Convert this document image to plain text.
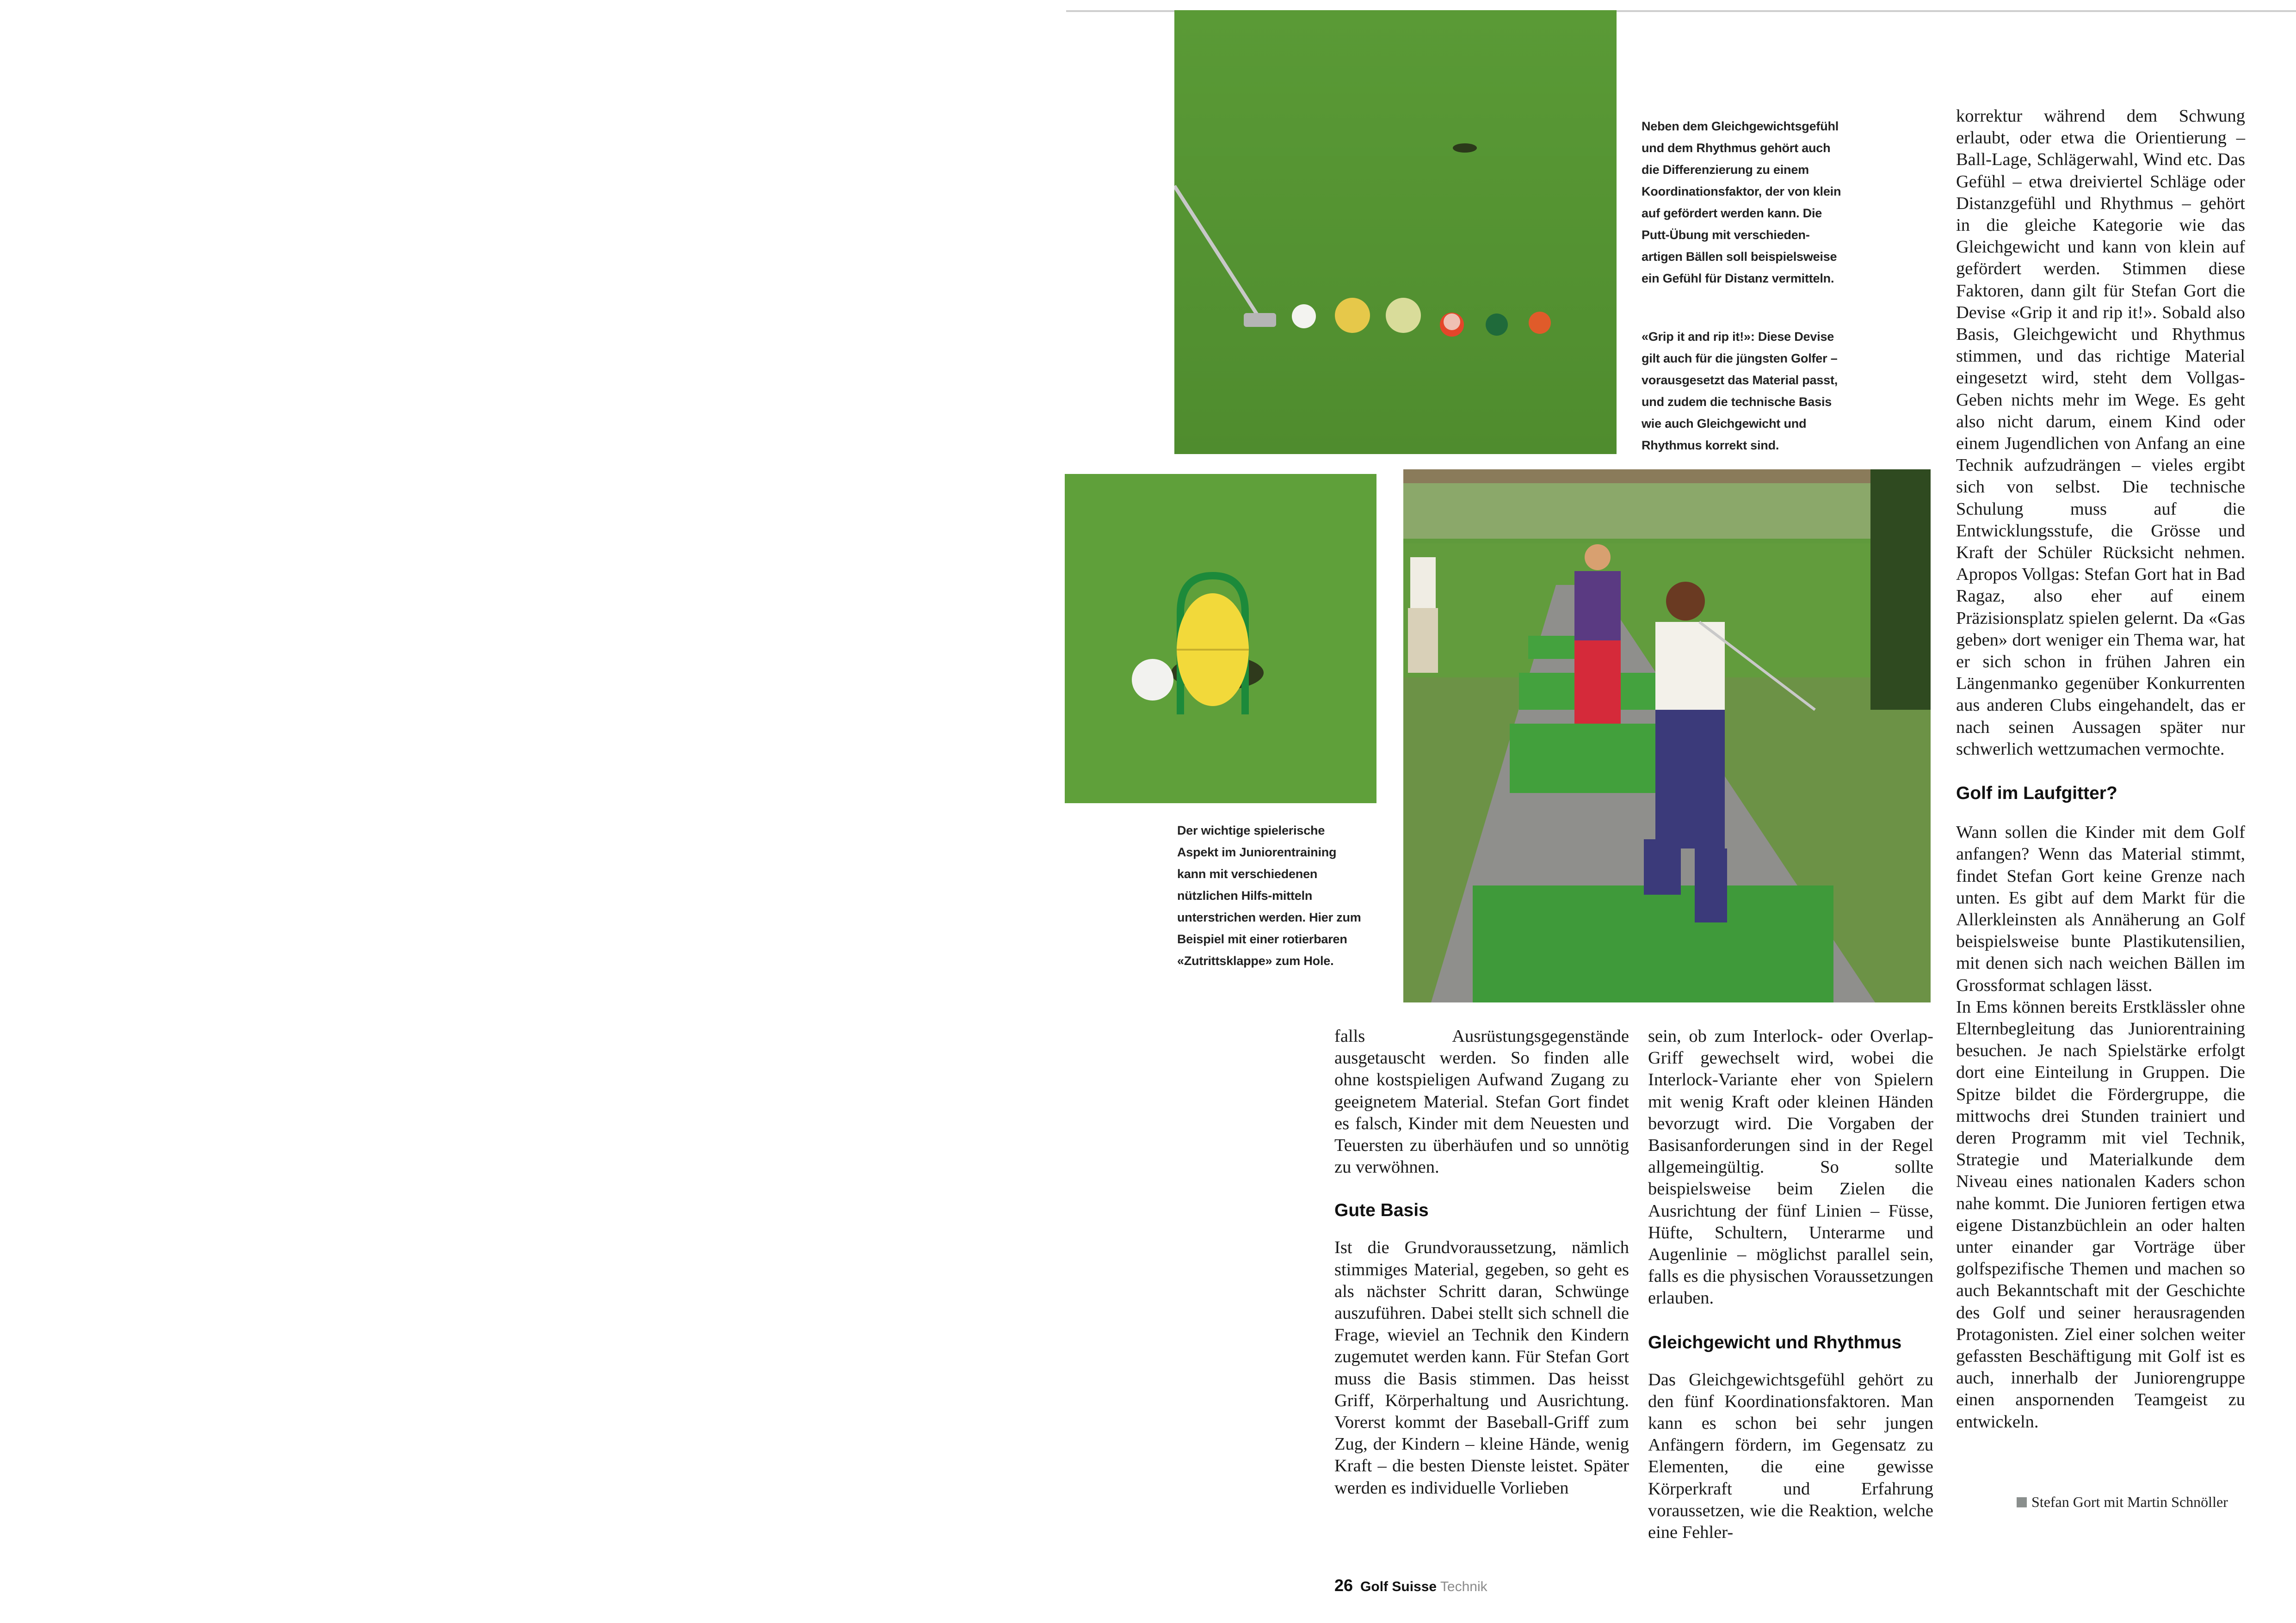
Neben dem Gleichgewichtsgefühl und dem Rhythmus gehört auch die Differenzierung zu einem Koordinationsfaktor, der von klein auf gefördert werden kann. Die Putt-Übung mit verschieden-artigen Bällen soll beispielsweise ein Gefühl für Distanz vermitteln.
«Grip it and rip it!»: Diese Devise gilt auch für die jüngsten Golfer – vorausgesetzt das Material passt, und zudem die technische Basis wie auch Gleichgewicht und Rhythmus korrekt sind.
Der wichtige spielerische Aspekt im Juniorentraining kann mit verschiedenen nützlichen Hilfs-mitteln unterstrichen werden. Hier zum Beispiel mit einer rotierbaren «Zutrittsklappe» zum Hole.

falls Ausrüstungsgegenstände ausgetauscht werden. So finden alle ohne kostspieligen Aufwand Zugang zu geeignetem Material. Stefan Gort findet es falsch, Kinder mit dem Neuesten und Teuersten zu überhäufen und so unnötig zu verwöhnen.

Gute Basis

Ist die Grundvoraussetzung, nämlich stimmiges Material, gegeben, so geht es als nächster Schritt daran, Schwünge auszuführen. Dabei stellt sich schnell die Frage, wieviel an Technik den Kindern zugemutet werden kann. Für Stefan Gort muss die Basis stimmen. Das heisst Griff, Körperhaltung und Ausrichtung. Vorerst kommt der Baseball-Griff zum Zug, der Kindern – kleine Hände, wenig Kraft – die besten Dienste leistet. Später werden es individuelle Vorlieben

sein, ob zum Interlock- oder Overlap-Griff gewechselt wird, wobei die Interlock-Variante eher von Spielern mit wenig Kraft oder kleinen Händen bevorzugt wird. Die Vorgaben der Basisanforderungen sind in der Regel allgemeingültig. So sollte beispielsweise beim Zielen die Ausrichtung der fünf Linien – Füsse, Hüfte, Schultern, Unterarme und Augenlinie – möglichst parallel sein, falls es die physischen Voraussetzungen erlauben.

Gleichgewicht und Rhythmus

Das Gleichgewichtsgefühl gehört zu den fünf Koordinationsfaktoren. Man kann es schon bei sehr jungen Anfängern fördern, im Gegensatz zu Elementen, die eine gewisse Körperkraft und Erfahrung voraussetzen, wie die Reaktion, welche eine Fehler-

korrektur während dem Schwung erlaubt, oder etwa die Orientierung – Ball-Lage, Schlägerwahl, Wind etc. Das Gefühl – etwa dreiviertel Schläge oder Distanzgefühl und Rhythmus – gehört in die gleiche Kategorie wie das Gleichgewicht und kann von klein auf gefördert werden. Stimmen diese Faktoren, dann gilt für Stefan Gort die Devise «Grip it and rip it!». Sobald also Basis, Gleichgewicht und Rhythmus stimmen, und das richtige Material eingesetzt wird, steht dem Vollgas-Geben nichts mehr im Wege. Es geht also nicht darum, einem Kind oder einem Jugendlichen von Anfang an eine Technik aufzudrängen – vieles ergibt sich von selbst. Die technische Schulung muss auf die Entwicklungsstufe, die Grösse und Kraft der Schüler Rücksicht nehmen. Apropos Vollgas: Stefan Gort hat in Bad Ragaz, also eher auf einem Präzisionsplatz spielen gelernt. Da «Gas geben» dort weniger ein Thema war, hat er sich schon in frühen Jahren ein Längenmanko gegenüber Konkurrenten aus anderen Clubs eingehandelt, das er nach seinen Aussagen später nur schwerlich wettzumachen vermochte.

Golf im Laufgitter?

Wann sollen die Kinder mit dem Golf anfangen? Wenn das Material stimmt, findet Stefan Gort keine Grenze nach unten. Es gibt auf dem Markt für die Allerkleinsten als Annäherung an Golf beispielsweise bunte Plastikutensilien, mit denen sich nach weichen Bällen im Grossformat schlagen lässt.

In Ems können bereits Erstklässler ohne Elternbegleitung das Juniorentraining besuchen. Je nach Spielstärke erfolgt dort eine Einteilung in Gruppen. Die Spitze bildet die Fördergruppe, die mittwochs drei Stunden trainiert und deren Programm mit viel Technik, Strategie und Materialkunde dem Niveau eines nationalen Kaders schon nahe kommt. Die Junioren fertigen etwa eigene Distanzbüchlein an oder halten unter einander gar Vorträge über golfspezifische Themen und machen so auch Bekanntschaft mit der Geschichte des Golf und seiner herausragenden Protagonisten. Ziel einer solchen weiter gefassten Beschäftigung mit Golf ist es auch, innerhalb der Juniorengruppe einen anspornenden Teamgeist zu entwickeln.

Stefan Gort mit Martin Schnöller
26 Golf Suisse Technik
